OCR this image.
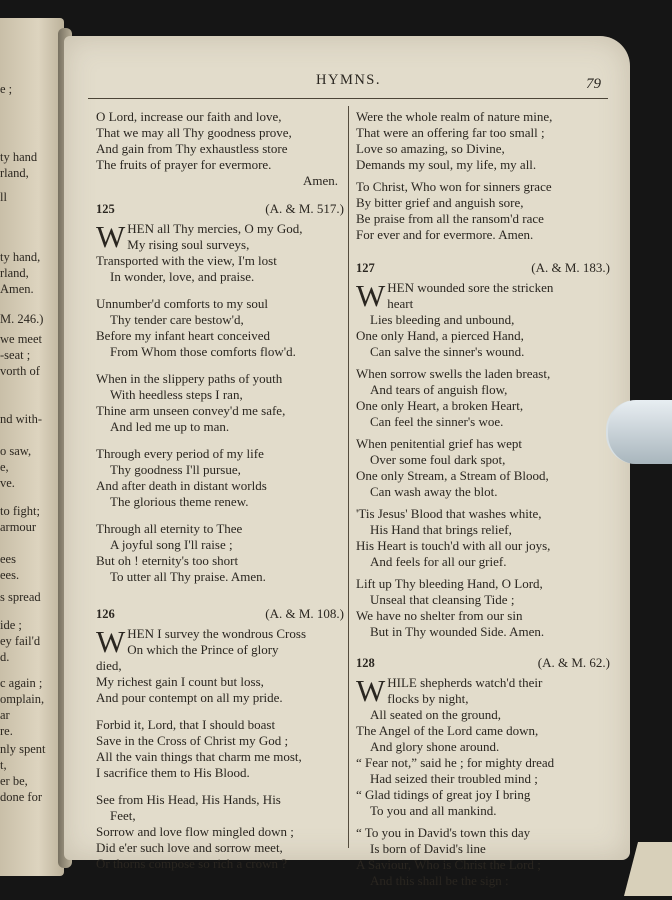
e ;
ty hand
rland,
ll
ty hand,
rland,
Amen.
M. 246.)
we meet
-seat ;
vorth of
nd with-
o saw,
e,
ve.
to fight;
armour
ees
ees.
s spread
ide ;
ey fail'd
d.
c again ;
omplain,
ar
re.
nly spent
t,
er be,
done for
HYMNS.	79
O Lord, increase our faith and love,
That we may all Thy goodness prove,
And gain from Thy exhaustless store
The fruits of prayer for evermore.
Amen.
125	(A. & M. 517.)
W HEN all Thy mercies, O my God,
My rising soul surveys,
Transported with the view, I'm lost
In wonder, love, and praise.
Unnumber'd comforts to my soul
Thy tender care bestow'd,
Before my infant heart conceived
From Whom those comforts flow'd.
When in the slippery paths of youth
With heedless steps I ran,
Thine arm unseen convey'd me safe,
And led me up to man.
Through every period of my life
Thy goodness I'll pursue,
And after death in distant worlds
The glorious theme renew.
Through all eternity to Thee
A joyful song I'll raise ;
But oh ! eternity's too short
To utter all Thy praise. Amen.
126	(A. & M. 108.)
W HEN I survey the wondrous Cross
On which the Prince of glory
died,
My richest gain I count but loss,
And pour contempt on all my pride.
Forbid it, Lord, that I should boast
Save in the Cross of Christ my God ;
All the vain things that charm me most,
I sacrifice them to His Blood.
See from His Head, His Hands, His
Feet,
Sorrow and love flow mingled down ;
Did e'er such love and sorrow meet,
Or thorns compose so rich a crown ?
Were the whole realm of nature mine,
That were an offering far too small ;
Love so amazing, so Divine,
Demands my soul, my life, my all.
To Christ, Who won for sinners grace
By bitter grief and anguish sore,
Be praise from all the ransom'd race
For ever and for evermore. Amen.
127	(A. & M. 183.)
W HEN wounded sore the stricken
heart
Lies bleeding and unbound,
One only Hand, a pierced Hand,
Can salve the sinner's wound.
When sorrow swells the laden breast,
And tears of anguish flow,
One only Heart, a broken Heart,
Can feel the sinner's woe.
When penitential grief has wept
Over some foul dark spot,
One only Stream, a Stream of Blood,
Can wash away the blot.
'Tis Jesus' Blood that washes white,
His Hand that brings relief,
His Heart is touch'd with all our joys,
And feels for all our grief.
Lift up Thy bleeding Hand, O Lord,
Unseal that cleansing Tide ;
We have no shelter from our sin
But in Thy wounded Side. Amen.
128	(A. & M. 62.)
W HILE shepherds watch'd their
flocks by night,
All seated on the ground,
The Angel of the Lord came down,
And glory shone around.
“ Fear not,” said he ; for mighty dread
Had seized their troubled mind ;
“ Glad tidings of great joy I bring
To you and all mankind.
“ To you in David's town this day
Is born of David's line
A Saviour, Who is Christ the Lord ;
And this shall be the sign :
